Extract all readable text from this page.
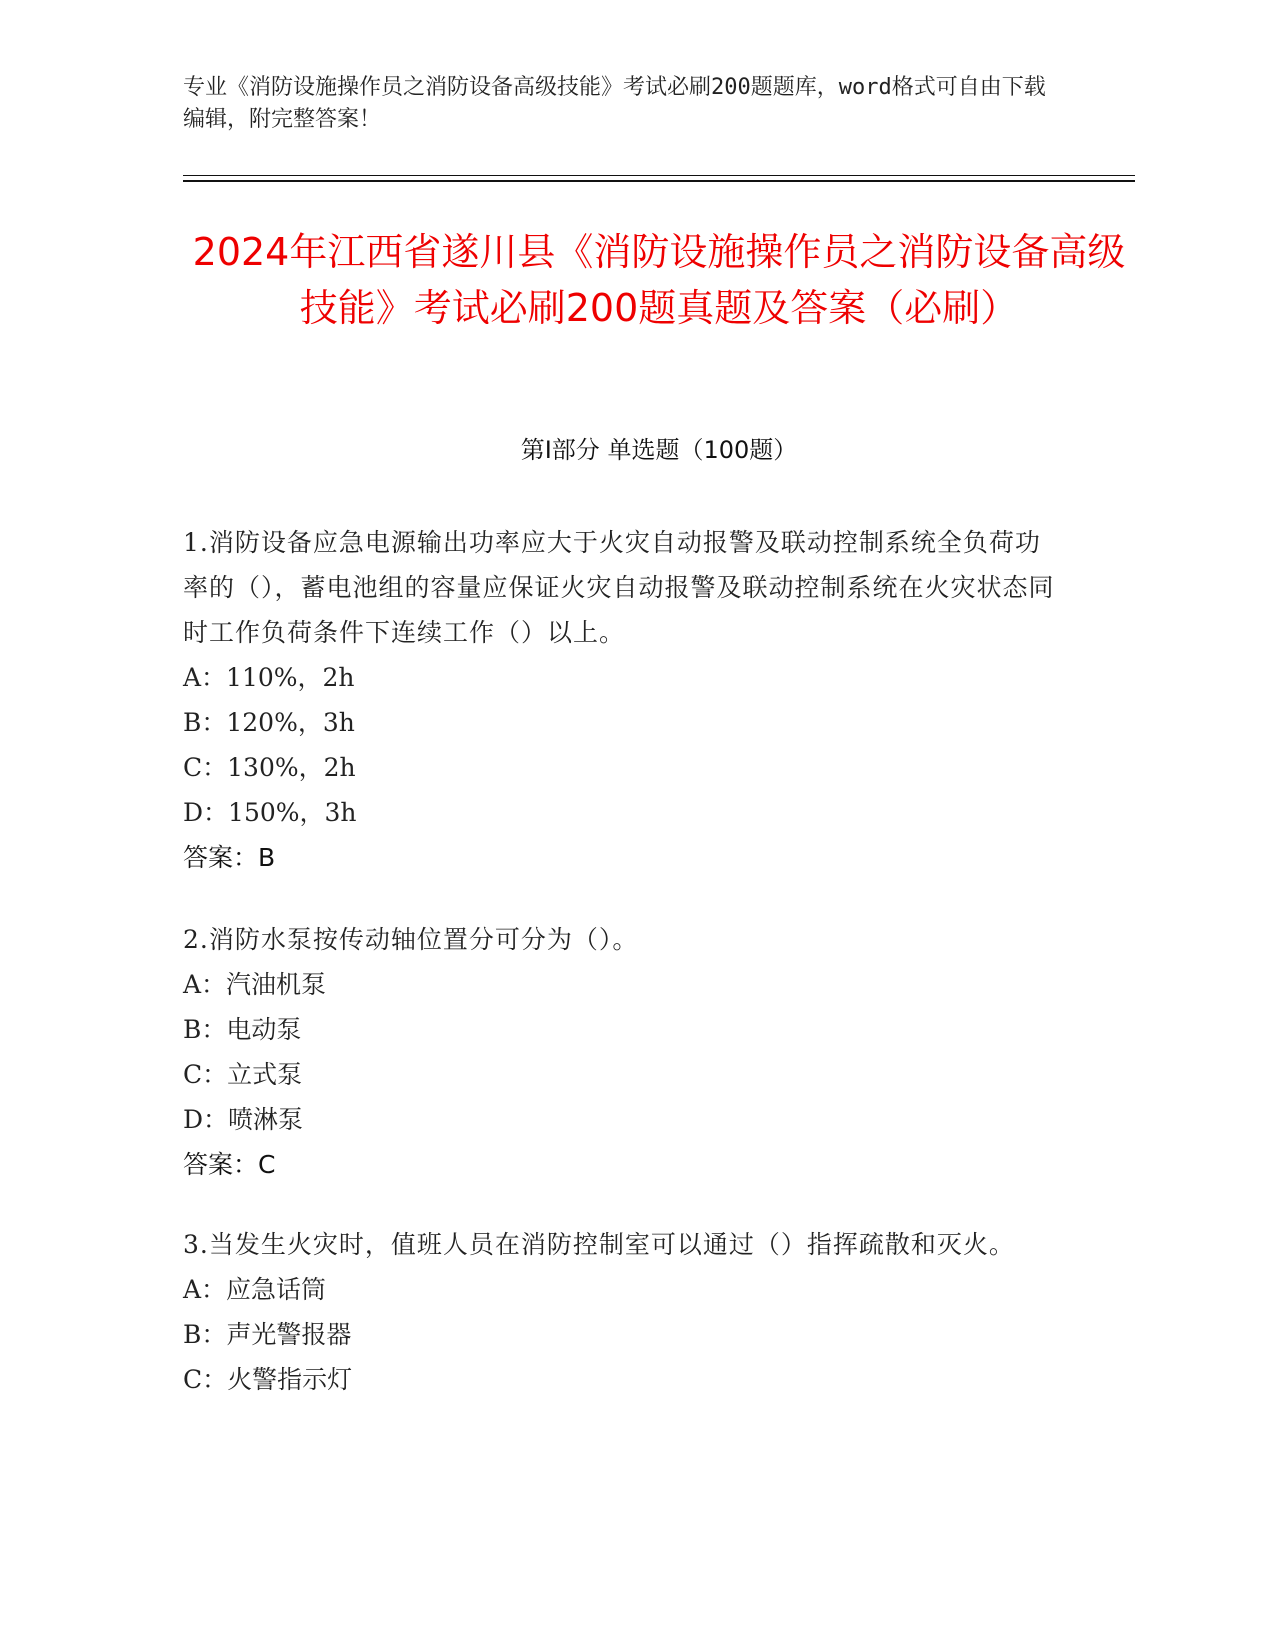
专业《消防设施操作员之消防设备高级技能》考试必刷200题题库，word格式可自由下载编辑，附完整答案！
2024年江西省遂川县《消防设施操作员之消防设备高级技能》考试必刷200题真题及答案（必刷）
第Ⅰ部分 单选题（100题）

1.消防设备应急电源输出功率应大于火灾自动报警及联动控制系统全负荷功率的（），蓄电池组的容量应保证火灾自动报警及联动控制系统在火灾状态同时工作负荷条件下连续工作（）以上。

A：110%，2h

B：120%，3h

C：130%，2h

D：150%，3h

答案：B

2.消防水泵按传动轴位置分可分为（）。

A：汽油机泵

B：电动泵

C：立式泵

D：喷淋泵

答案：C

3.当发生火灾时，值班人员在消防控制室可以通过（）指挥疏散和灭火。

A：应急话筒

B：声光警报器

C：火警指示灯
